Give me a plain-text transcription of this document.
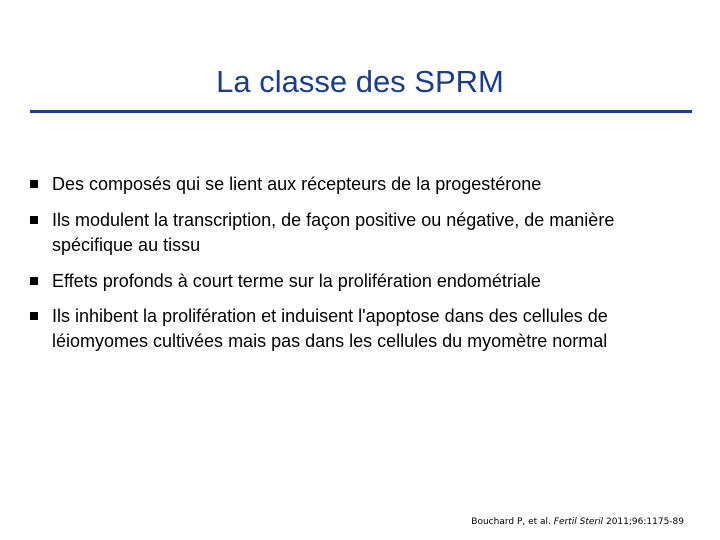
La classe des SPRM
Des composés qui se lient aux récepteurs de la progestérone
Ils modulent la transcription, de façon positive ou négative, de manière spécifique au tissu
Effets profonds à court terme sur la prolifération endométriale
Ils inhibent la prolifération et induisent l'apoptose dans des cellules de léiomyomes cultivées mais pas dans les cellules du myomètre normal
Bouchard P, et al. Fertil Steril 2011;96:1175-89
